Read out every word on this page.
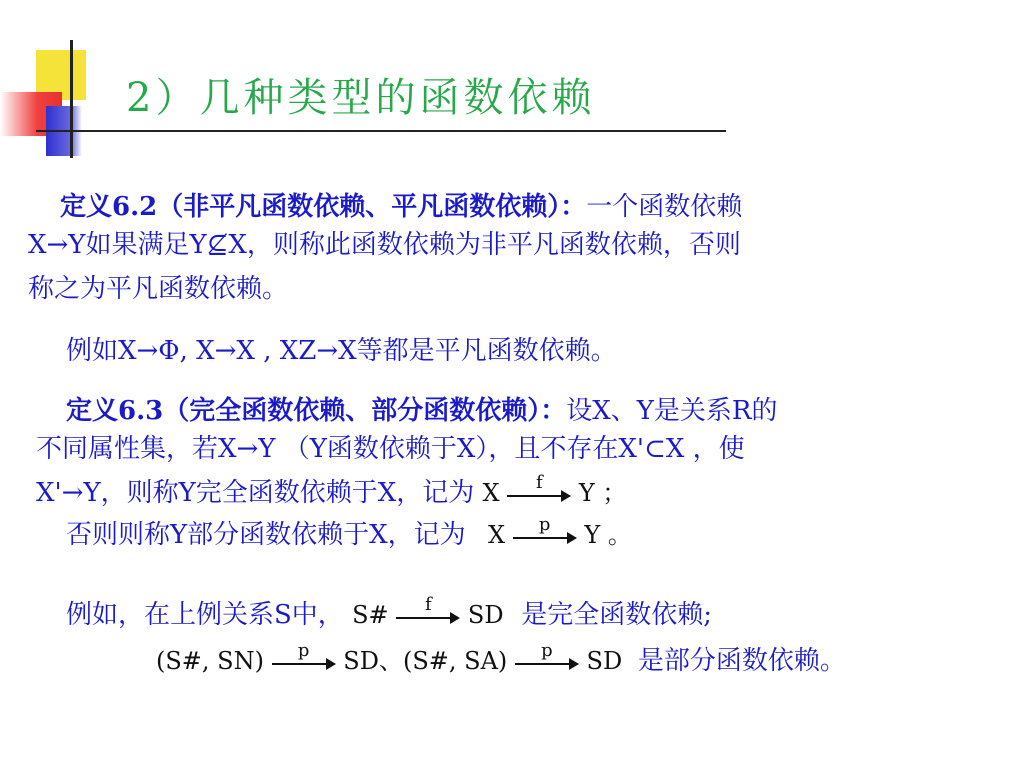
2）几种类型的函数依赖
定义6.2（非平凡函数依赖、平凡函数依赖）：一个函数依赖
X→Y如果满足Y⊈X，则称此函数依赖为非平凡函数依赖，否则
称之为平凡函数依赖。
例如X→Φ, X→X , XZ→X等都是平凡函数依赖。
定义6.3（完全函数依赖、部分函数依赖）：设X、Y是关系R的
不同属性集，若X→Y （Y函数依赖于X），且不存在X'⊂X ，使
X'→Y，则称Y完全函数依赖于X，记为 X	f	Y ；
否则则称Y部分函数依赖于X，记为 X	p	Y 。
例如，在上例关系S中， S#	f	SD 是完全函数依赖;
(S#, SN)	p	SD、(S#, SA)	p	SD 是部分函数依赖。
